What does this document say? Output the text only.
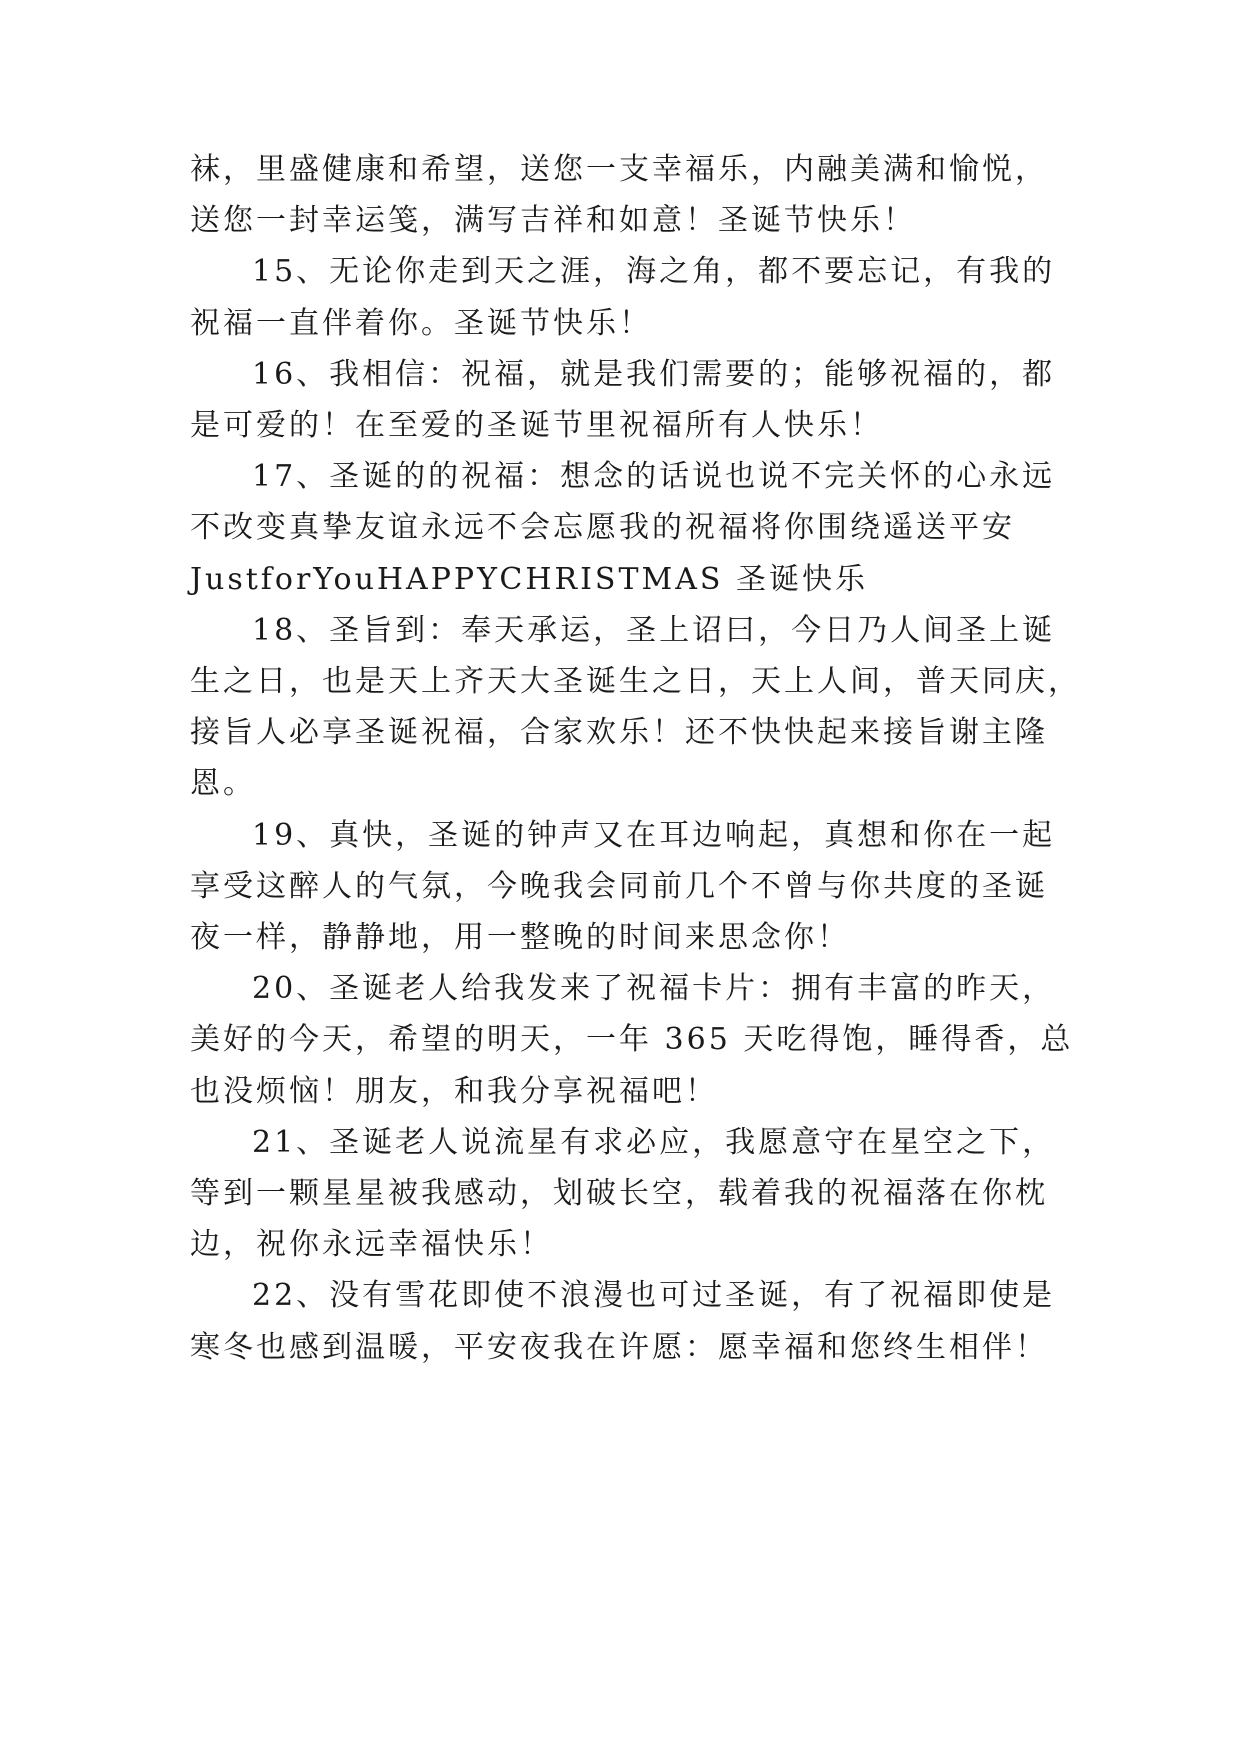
袜，里盛健康和希望，送您一支幸福乐，内融美满和愉悦，

送您一封幸运笺，满写吉祥和如意！圣诞节快乐！

15、无论你走到天之涯，海之角，都不要忘记，有我的

祝福一直伴着你。圣诞节快乐！

16、我相信：祝福，就是我们需要的；能够祝福的，都

是可爱的！在至爱的圣诞节里祝福所有人快乐！

17、圣诞的的祝福：想念的话说也说不完关怀的心永远

不改变真挚友谊永远不会忘愿我的祝福将你围绕遥送平安

JustforYouHAPPYCHRISTMAS 圣诞快乐

18、圣旨到：奉天承运，圣上诏曰，今日乃人间圣上诞

生之日，也是天上齐天大圣诞生之日，天上人间，普天同庆，

接旨人必享圣诞祝福，合家欢乐！还不快快起来接旨谢主隆

恩。

19、真快，圣诞的钟声又在耳边响起，真想和你在一起

享受这醉人的气氛，今晚我会同前几个不曾与你共度的圣诞

夜一样，静静地，用一整晚的时间来思念你！

20、圣诞老人给我发来了祝福卡片：拥有丰富的昨天，

美好的今天，希望的明天，一年 365 天吃得饱，睡得香，总

也没烦恼！朋友，和我分享祝福吧！

21、圣诞老人说流星有求必应，我愿意守在星空之下，

等到一颗星星被我感动，划破长空，载着我的祝福落在你枕

边，祝你永远幸福快乐！

22、没有雪花即使不浪漫也可过圣诞，有了祝福即使是

寒冬也感到温暖，平安夜我在许愿：愿幸福和您终生相伴！
